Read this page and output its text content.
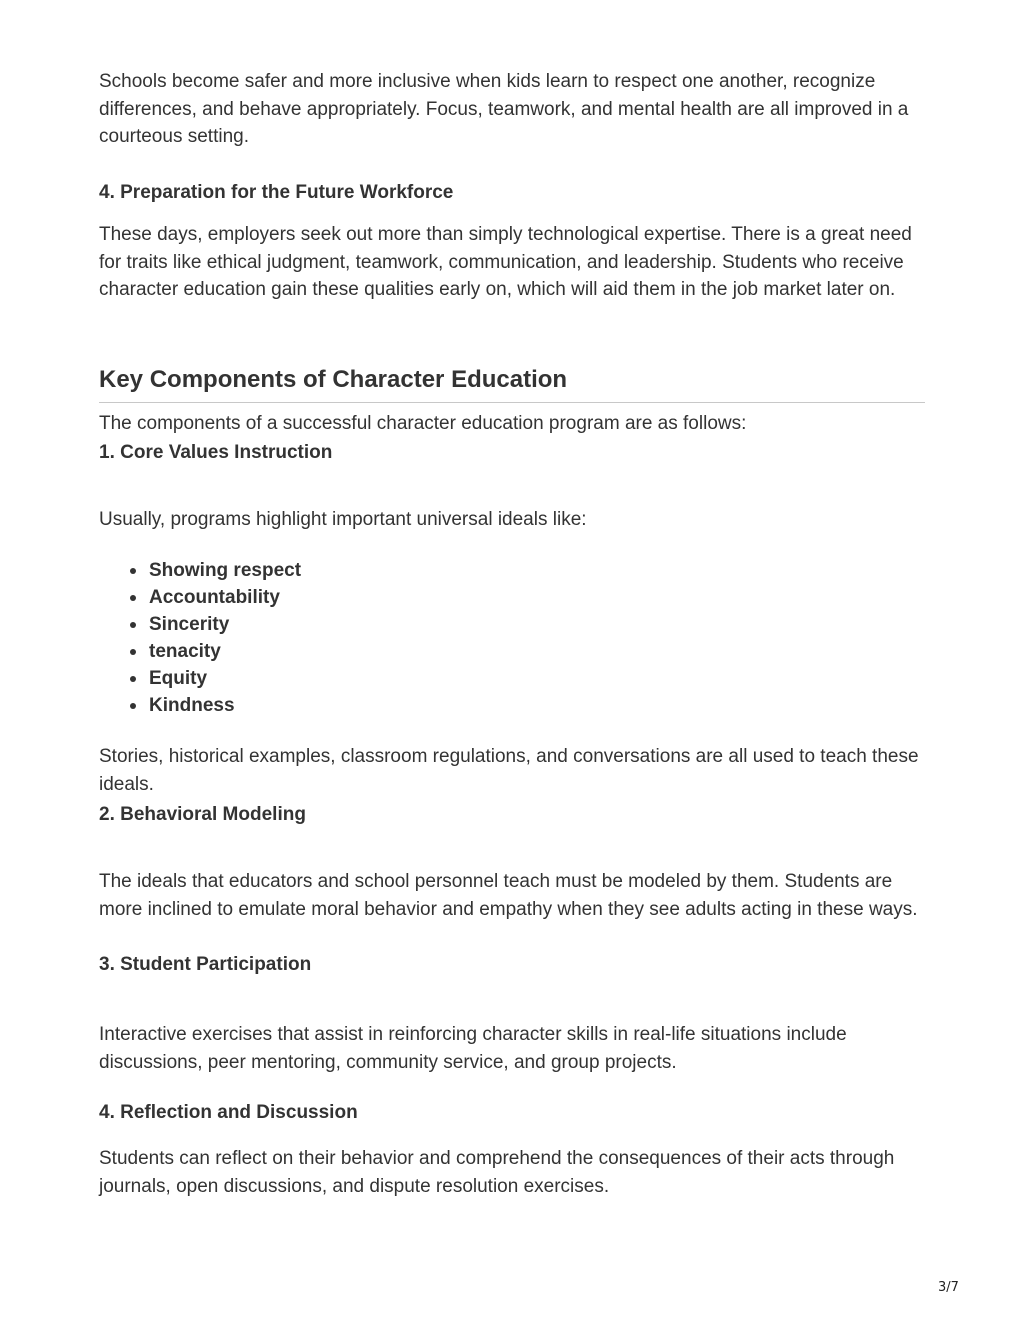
Schools become safer and more inclusive when kids learn to respect one another, recognize differences, and behave appropriately. Focus, teamwork, and mental health are all improved in a courteous setting.

4. Preparation for the Future Workforce

These days, employers seek out more than simply technological expertise. There is a great need for traits like ethical judgment, teamwork, communication, and leadership. Students who receive character education gain these qualities early on, which will aid them in the job market later on.

Key Components of Character Education

The components of a successful character education program are as follows:

1. Core Values Instruction

Usually, programs highlight important universal ideals like:

Showing respect
Accountability
Sincerity
tenacity
Equity
Kindness

Stories, historical examples, classroom regulations, and conversations are all used to teach these ideals.

2. Behavioral Modeling

The ideals that educators and school personnel teach must be modeled by them. Students are more inclined to emulate moral behavior and empathy when they see adults acting in these ways.

3. Student Participation

Interactive exercises that assist in reinforcing character skills in real-life situations include discussions, peer mentoring, community service, and group projects.

4. Reflection and Discussion

Students can reflect on their behavior and comprehend the consequences of their acts through journals, open discussions, and dispute resolution exercises.

3/7
